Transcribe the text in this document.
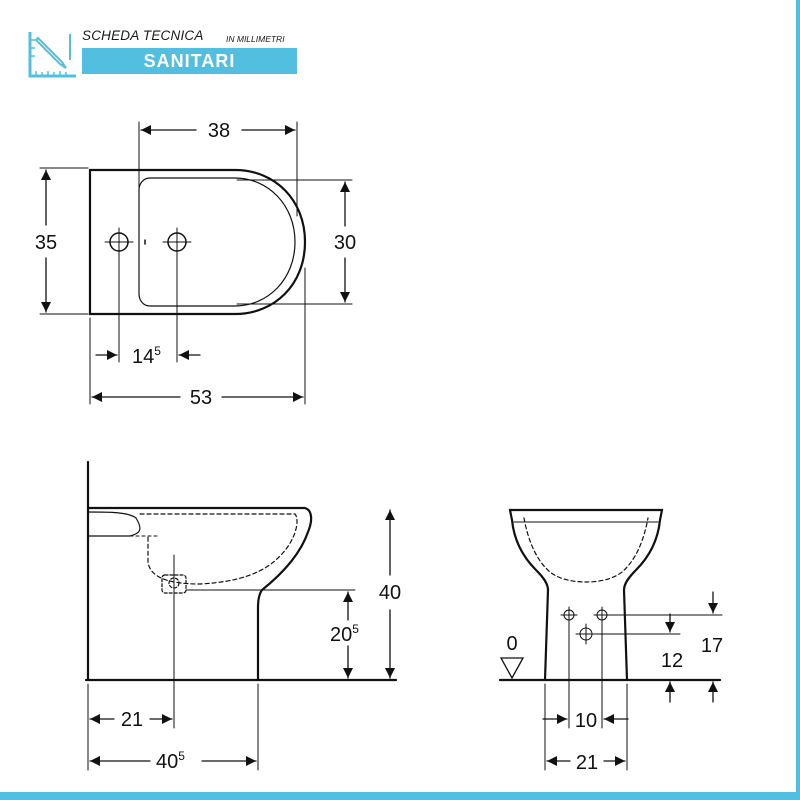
SCHEDA TECNICA	IN MILLIMETRI
SANITARI
38
35	30
$14^5$
53
40
$20^5$
21
$40^5$
0	17
12
10
21
